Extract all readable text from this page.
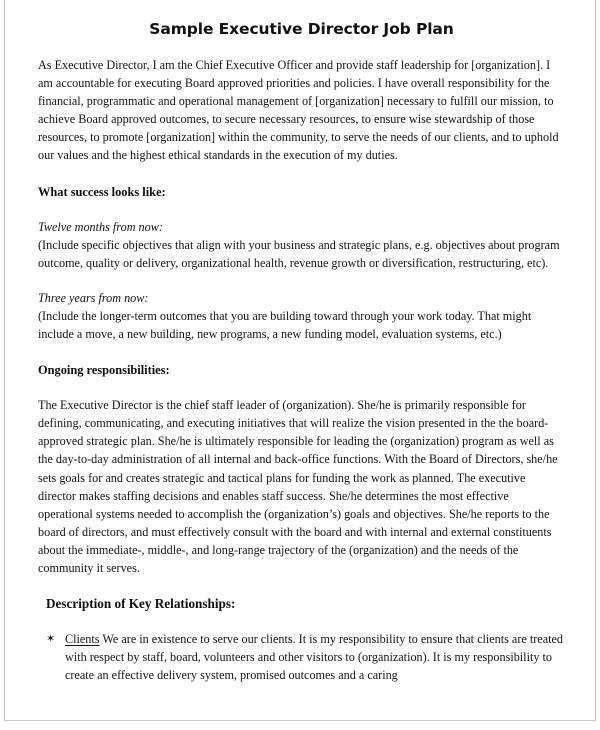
Sample Executive Director Job Plan

As Executive Director, I am the Chief Executive Officer and provide staff leadership for [organization]. I am accountable for executing Board approved priorities and policies. I have overall responsibility for the financial, programmatic and operational management of [organization] necessary to fulfill our mission, to achieve Board approved outcomes, to secure necessary resources, to ensure wise stewardship of those resources, to promote [organization] within the community, to serve the needs of our clients, and to uphold our values and the highest ethical standards in the execution of my duties.

What success looks like:

Twelve months from now:

(Include specific objectives that align with your business and strategic plans, e.g. objectives about program outcome, quality or delivery, organizational health, revenue growth or diversification, restructuring, etc).

Three years from now:

(Include the longer-term outcomes that you are building toward through your work today. That might include a move, a new building, new programs, a new funding model, evaluation systems, etc.)

Ongoing responsibilities:

The Executive Director is the chief staff leader of (organization). She/he is primarily responsible for defining, communicating, and executing initiatives that will realize the vision presented in the the board-approved strategic plan. She/he is ultimately responsible for leading the (organization) program as well as the day-to-day administration of all internal and back-office functions. With the Board of Directors, she/he sets goals for and creates strategic and tactical plans for funding the work as planned. The executive director makes staffing decisions and enables staff success. She/he determines the most effective operational systems needed to accomplish the (organization’s) goals and objectives. She/he reports to the board of directors, and must effectively consult with the board and with internal and external constituents about the immediate-, middle-, and long-range trajectory of the (organization) and the needs of the community it serves.

Description of Key Relationships:
✶ Clients We are in existence to serve our clients. It is my responsibility to ensure that clients are treated with respect by staff, board, volunteers and other visitors to (organization). It is my responsibility to create an effective delivery system, promised outcomes and a caring
